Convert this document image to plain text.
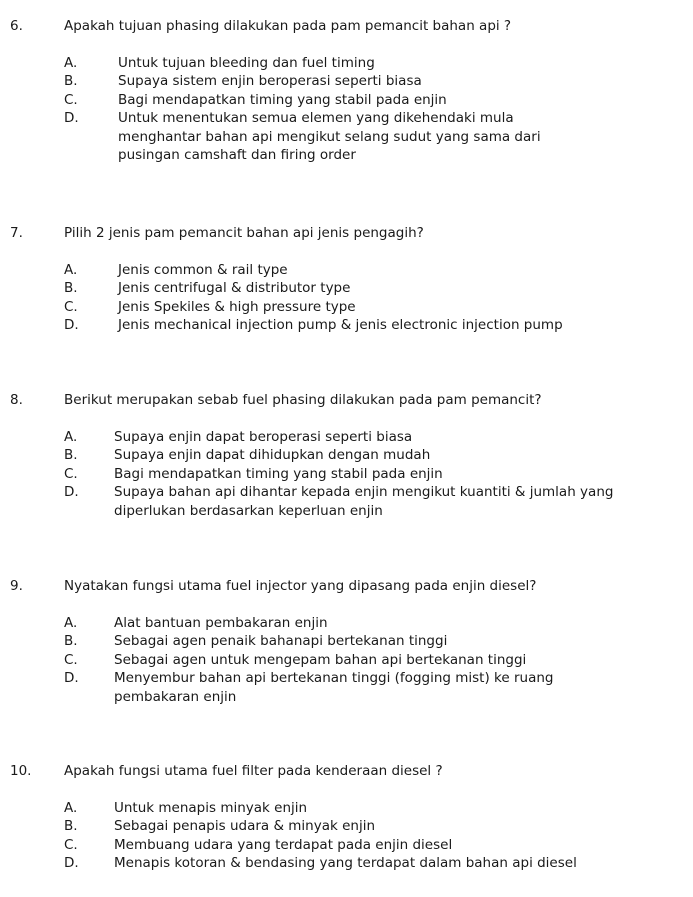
6.	Apakah tujuan phasing dilakukan pada pam pemancit bahan api ?
A.	Untuk tujuan bleeding dan fuel timing
B.	Supaya sistem enjin beroperasi seperti biasa
C.	Bagi mendapatkan timing yang stabil pada enjin
D.	Untuk menentukan semua elemen yang dikehendaki mula
menghantar bahan api mengikut selang sudut yang sama dari
pusingan camshaft dan firing order
7.	Pilih 2 jenis pam pemancit bahan api jenis pengagih?
A.	Jenis common & rail type
B.	Jenis centrifugal & distributor type
C.	Jenis Spekiles & high pressure type
D.	Jenis mechanical injection pump & jenis electronic injection pump
8.	Berikut merupakan sebab fuel phasing dilakukan pada pam pemancit?
A.	Supaya enjin dapat beroperasi seperti biasa
B.	Supaya enjin dapat dihidupkan dengan mudah
C.	Bagi mendapatkan timing yang stabil pada enjin
D.	Supaya bahan api dihantar kepada enjin mengikut kuantiti & jumlah yang
diperlukan berdasarkan keperluan enjin
9.	Nyatakan fungsi utama fuel injector yang dipasang pada enjin diesel?
A.	Alat bantuan pembakaran enjin
B.	Sebagai agen penaik bahanapi bertekanan tinggi
C.	Sebagai agen untuk mengepam bahan api bertekanan tinggi
D.	Menyembur bahan api bertekanan tinggi (fogging mist) ke ruang
pembakaran enjin
10. Apakah fungsi utama fuel filter pada kenderaan diesel ?
A.	Untuk menapis minyak enjin
B.	Sebagai penapis udara & minyak enjin
C.	Membuang udara yang terdapat pada enjin diesel
D.	Menapis kotoran & bendasing yang terdapat dalam bahan api diesel
